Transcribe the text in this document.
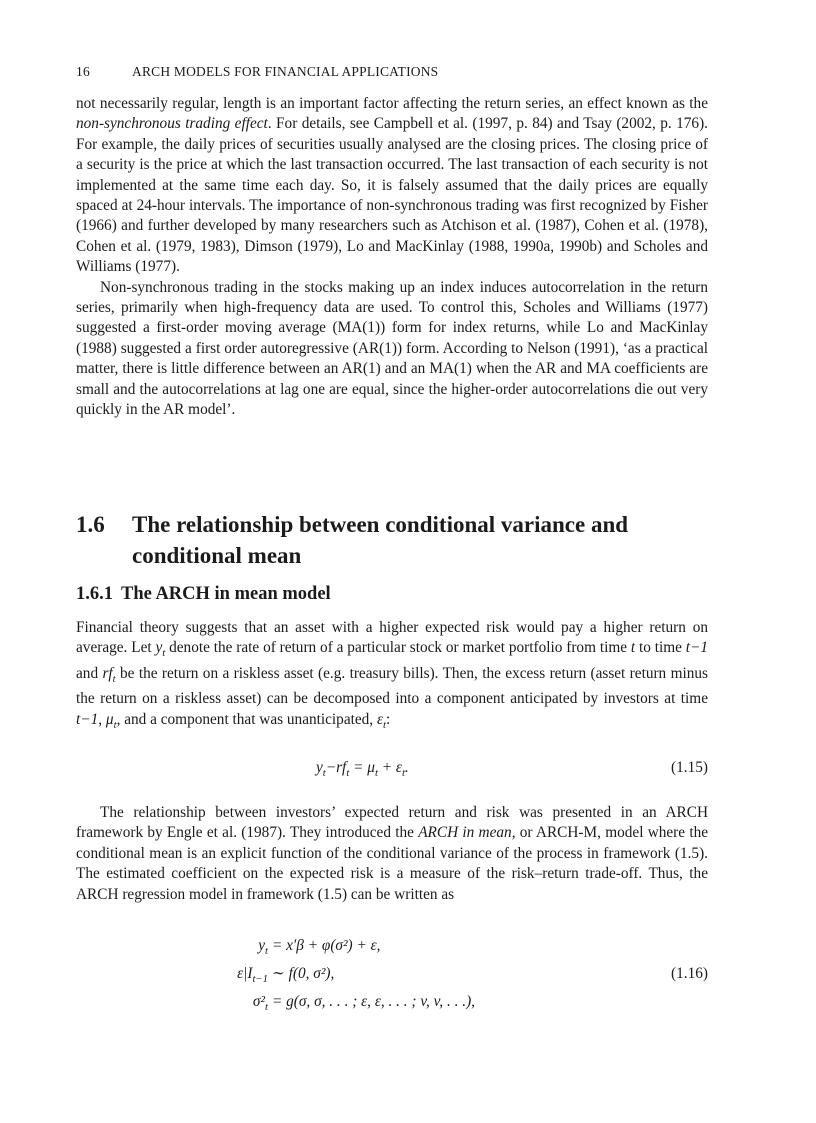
16	ARCH MODELS FOR FINANCIAL APPLICATIONS

not necessarily regular, length is an important factor affecting the return series, an effect known as the non-synchronous trading effect. For details, see Campbell et al. (1997, p. 84) and Tsay (2002, p. 176). For example, the daily prices of securities usually analysed are the closing prices. The closing price of a security is the price at which the last transaction occurred. The last transaction of each security is not implemented at the same time each day. So, it is falsely assumed that the daily prices are equally spaced at 24-hour intervals. The importance of non-synchronous trading was first recognized by Fisher (1966) and further developed by many researchers such as Atchison et al. (1987), Cohen et al. (1978), Cohen et al. (1979, 1983), Dimson (1979), Lo and MacKinlay (1988, 1990a, 1990b) and Scholes and Williams (1977).

Non-synchronous trading in the stocks making up an index induces autocorrelation in the return series, primarily when high-frequency data are used. To control this, Scholes and Williams (1977) suggested a first-order moving average (MA(1)) form for index returns, while Lo and MacKinlay (1988) suggested a first order autoregressive (AR(1)) form. According to Nelson (1991), ‘as a practical matter, there is little difference between an AR(1) and an MA(1) when the AR and MA coefficients are small and the autocorrelations at lag one are equal, since the higher-order autocorrelations die out very quickly in the AR model’.

1.6 The relationship between conditional variance and conditional mean
1.6.1 The ARCH in mean model

Financial theory suggests that an asset with a higher expected risk would pay a higher return on average. Let $y_t$ denote the rate of return of a particular stock or market portfolio from time t to time t−1 and $rf_t$ be the return on a riskless asset (e.g. treasury bills). Then, the excess return (asset return minus the return on a riskless asset) can be decomposed into a component anticipated by investors at time t−1, $\mu_t$, and a component that was unanticipated, $\varepsilon_t$:

$y_t-rf_t = \mu_t + \varepsilon_t$.	(1.15)

The relationship between investors’ expected return and risk was presented in an ARCH framework by Engle et al. (1987). They introduced the ARCH in mean, or ARCH-M, model where the conditional mean is an explicit function of the conditional variance of the process in framework (1.5). The estimated coefficient on the expected risk is a measure of the risk–return trade-off. Thus, the ARCH regression model in framework (1.5) can be written as

$y_t = x'\beta + \varphi(\sigma^2) + \varepsilon$,
$\varepsilon|I_{t-1}$ ∼ f(0, σ²),	(1.16)
$\sigma^2_t = g(\sigma$, σ, . . . ; ε, ε, . . . ; v, v, . . .),
